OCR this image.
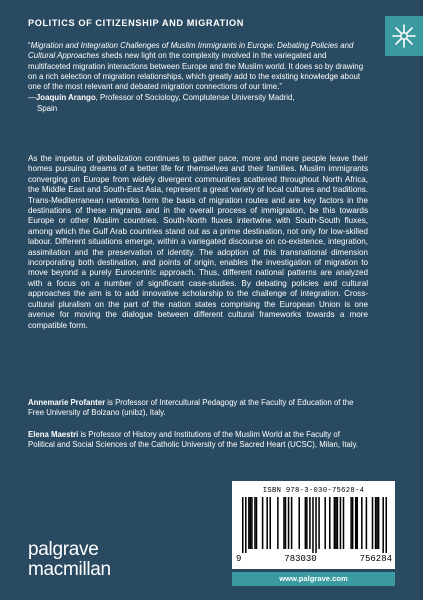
POLITICS OF CITIZENSHIP AND MIGRATION
“Migration and Integration Challenges of Muslim Immigrants in Europe: Debating Policies and Cultural Approaches sheds new light on the complexity involved in the variegated and multifaceted migration interactions between Europe and the Muslim world. It does so by drawing on a rich selection of migration relationships, which greatly add to the existing knowledge about one of the most relevant and debated migration connections of our time.”
—Joaquín Arango, Professor of Sociology, Complutense University Madrid,
Spain

As the impetus of globalization continues to gather pace, more and more people leave their homes pursuing dreams of a better life for themselves and their families. Muslim immigrants converging on Europe from widely divergent communities scattered throughout North Africa, the Middle East and South-East Asia, represent a great variety of local cultures and traditions. Trans-Mediterranean networks form the basis of migration routes and are key factors in the destinations of these migrants and in the overall process of immigration, be this towards Europe or other Muslim countries. South-North fluxes intertwine with South-South fluxes, among which the Gulf Arab countries stand out as a prime destination, not only for low-skilled labour. Different situations emerge, within a variegated discourse on co-existence, integration, assimilation and the preservation of identity. The adoption of this transnational dimension incorporating both destination, and points of origin, enables the investigation of migration to move beyond a purely Eurocentric approach. Thus, different national patterns are analyzed with a focus on a number of significant case-studies. By debating policies and cultural approaches the aim is to add innovative scholarship to the challenge of integration. Cross-cultural pluralism on the part of the nation states comprising the European Union is one avenue for moving the dialogue between different cultural frameworks towards a more compatible form.

Annemarie Profanter is Professor of Intercultural Pedagogy at the Faculty of Education of the Free University of Bolzano (unibz), Italy.

Elena Maestri is Professor of History and Institutions of the Muslim World at the Faculty of Political and Social Sciences of the Catholic University of the Sacred Heart (UCSC), Milan, Italy.

ISBN 978-3-030-75628-4
9	783030	756284
www.palgrave.com
palgrave
macmillan
